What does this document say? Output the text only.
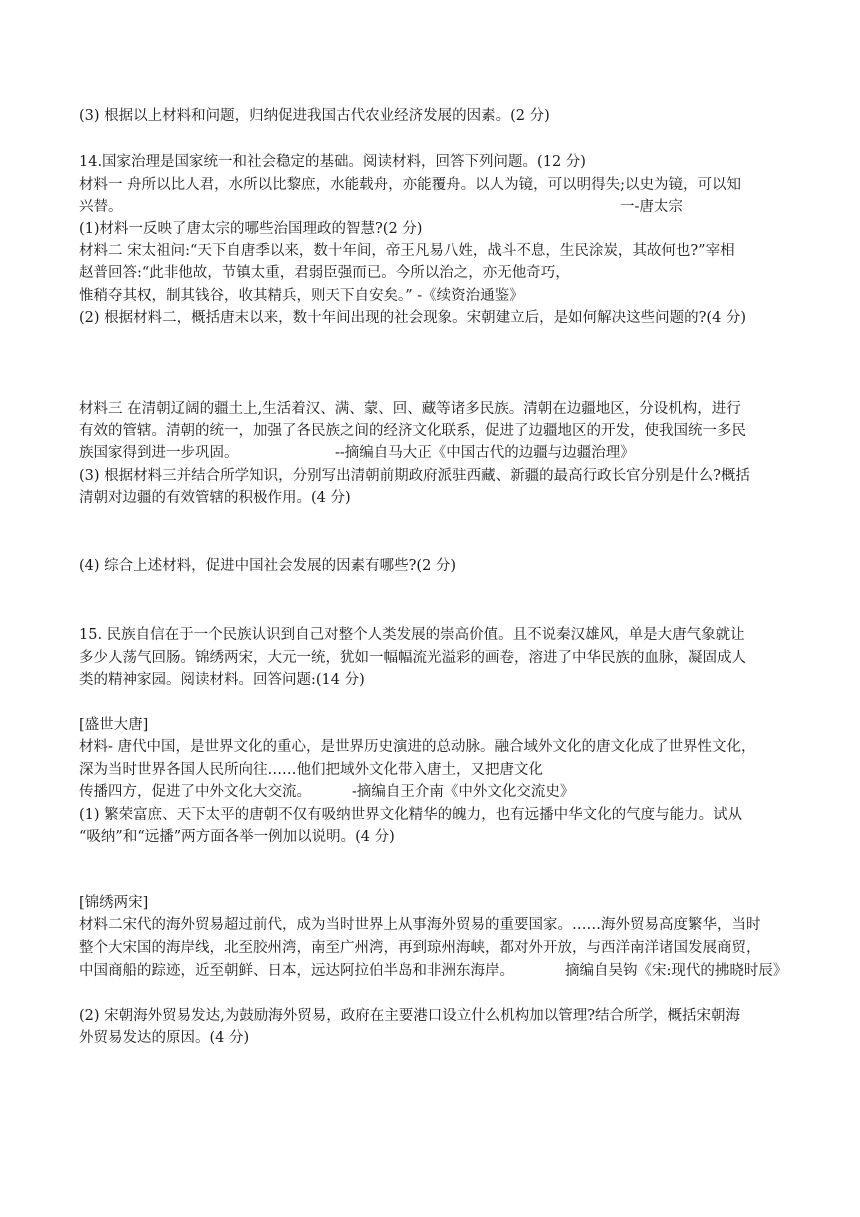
(3) 根据以上材料和问题，归纳促进我国古代农业经济发展的因素。(2 分)
14.国家治理是国家统一和社会稳定的基础。阅读材料，回答下列问题。(12 分)
材料一 舟所以比人君，水所以比黎庶，水能载舟，亦能覆舟。以人为镜，可以明得失;以史为镜，可以知
兴替。	一-唐太宗
(1)材料一反映了唐太宗的哪些治国理政的智慧?(2 分)
材料二 宋太祖问:“天下自唐季以来，数十年间，帝王凡易八姓，战斗不息，生民涂炭，其故何也?”宰相
赵普回答:“此非他故，节镇太重，君弱臣强而已。今所以治之，亦无他奇巧，
惟稍夺其权，制其钱谷，收其精兵，则天下自安矣。” -《续资治通鉴》
(2) 根据材料二，概括唐末以来，数十年间出现的社会现象。宋朝建立后，是如何解决这些问题的?(4 分)
材料三 在清朝辽阔的疆土上,生活着汉、满、蒙、回、藏等诸多民族。清朝在边疆地区，分设机构，进行
有效的管辖。清朝的统一，加强了各民族之间的经济文化联系，促进了边疆地区的开发，使我国统一多民
族国家得到进一步巩固。	--摘编自马大正《中国古代的边疆与边疆治理》
(3) 根据材料三并结合所学知识，分别写出清朝前期政府派驻西藏、新疆的最高行政长官分别是什么?概括
清朝对边疆的有效管辖的积极作用。(4 分)
(4) 综合上述材料，促进中国社会发展的因素有哪些?(2 分)
15. 民族自信在于一个民族认识到自己对整个人类发展的崇高价值。且不说秦汉雄风，单是大唐气象就让
多少人荡气回肠。锦绣两宋，大元一统，犹如一幅幅流光溢彩的画卷，溶进了中华民族的血脉，凝固成人
类的精神家园。阅读材料。回答问题:(14 分)
[盛世大唐]
材料- 唐代中国，是世界文化的重心，是世界历史演进的总动脉。融合域外文化的唐文化成了世界性文化，
深为当时世界各国人民所向往……他们把域外文化带入唐土，又把唐文化
传播四方，促进了中外文化大交流。	-摘编自王介南《中外文化交流史》
(1) 繁荣富庶、天下太平的唐朝不仅有吸纳世界文化精华的魄力，也有远播中华文化的气度与能力。试从
“吸纳”和“远播”两方面各举一例加以说明。(4 分)
[锦绣两宋]
材料二宋代的海外贸易超过前代，成为当时世界上从事海外贸易的重要国家。……海外贸易高度繁华，当时
整个大宋国的海岸线，北至胶州湾，南至广州湾，再到琼州海峡，都对外开放，与西洋南洋诸国发展商贸，
中国商船的踪迹，近至朝鲜、日本，远达阿拉伯半岛和非洲东海岸。	摘编自吴钩《宋:现代的拂晓时辰》
(2) 宋朝海外贸易发达,为鼓励海外贸易，政府在主要港口设立什么机构加以管理?结合所学，概括宋朝海
外贸易发达的原因。(4 分)
